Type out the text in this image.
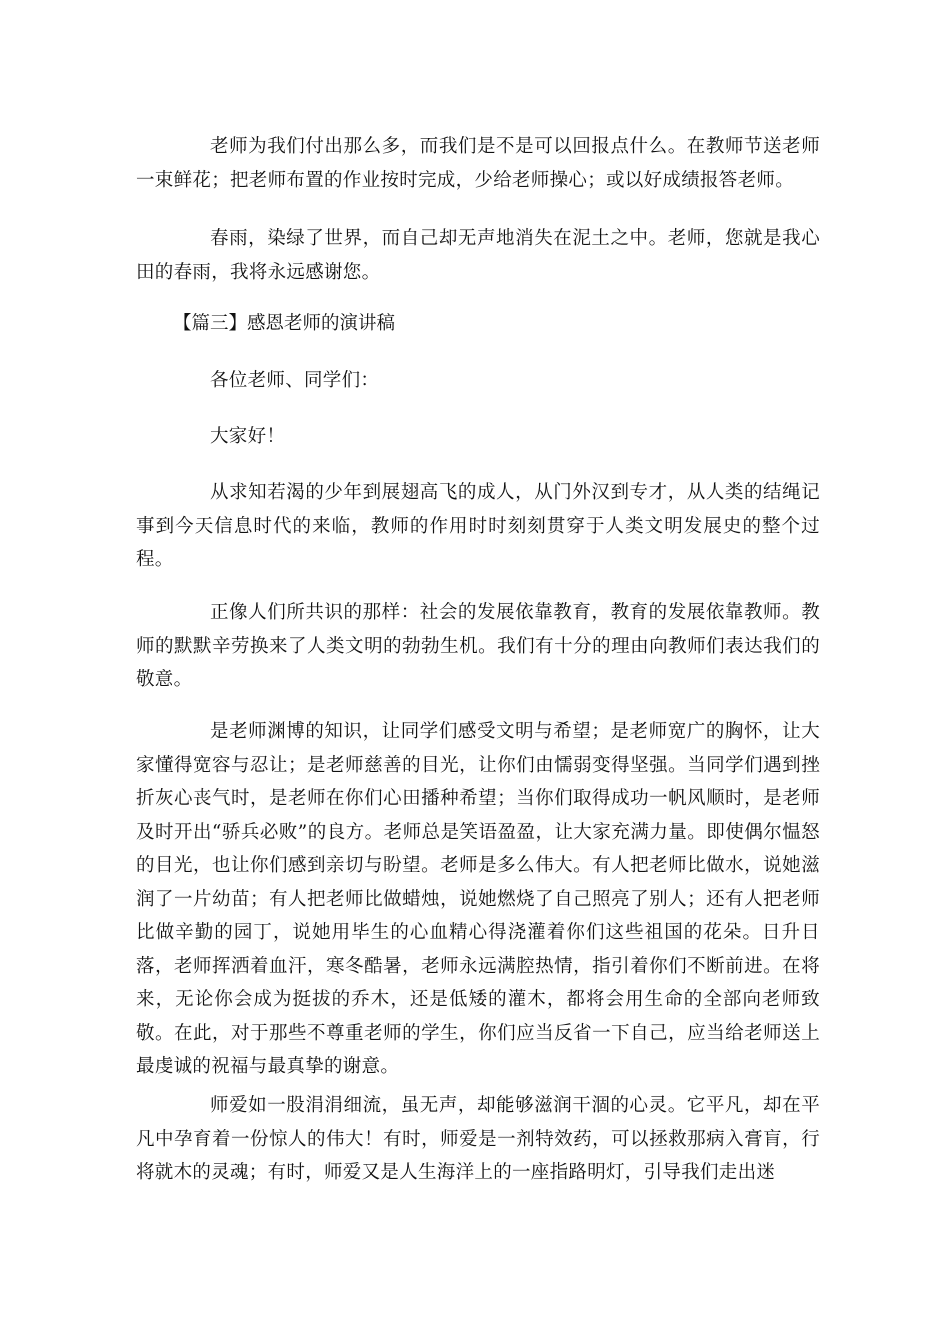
老师为我们付出那么多，而我们是不是可以回报点什么。在教师节送老师一束鲜花；把老师布置的作业按时完成，少给老师操心；或以好成绩报答老师。

春雨，染绿了世界，而自己却无声地消失在泥土之中。老师，您就是我心田的春雨，我将永远感谢您。

【篇三】感恩老师的演讲稿

各位老师、同学们：

大家好！

从求知若渴的少年到展翅高飞的成人，从门外汉到专才，从人类的结绳记事到今天信息时代的来临，教师的作用时时刻刻贯穿于人类文明发展史的整个过程。

正像人们所共识的那样：社会的发展依靠教育，教育的发展依靠教师。教师的默默辛劳换来了人类文明的勃勃生机。我们有十分的理由向教师们表达我们的敬意。

是老师渊博的知识，让同学们感受文明与希望；是老师宽广的胸怀，让大家懂得宽容与忍让；是老师慈善的目光，让你们由懦弱变得坚强。当同学们遇到挫折灰心丧气时，是老师在你们心田播种希望；当你们取得成功一帆风顺时，是老师及时开出“骄兵必败”的良方。老师总是笑语盈盈，让大家充满力量。即使偶尔愠怒的目光，也让你们感到亲切与盼望。老师是多么伟大。有人把老师比做水，说她滋润了一片幼苗；有人把老师比做蜡烛，说她燃烧了自己照亮了别人；还有人把老师比做辛勤的园丁，说她用毕生的心血精心得浇灌着你们这些祖国的花朵。日升日落，老师挥洒着血汗，寒冬酷暑，老师永远满腔热情，指引着你们不断前进。在将来，无论你会成为挺拔的乔木，还是低矮的灌木，都将会用生命的全部向老师致敬。在此，对于那些不尊重老师的学生，你们应当反省一下自己，应当给老师送上最虔诚的祝福与最真挚的谢意。

师爱如一股涓涓细流，虽无声，却能够滋润干涸的心灵。它平凡，却在平凡中孕育着一份惊人的伟大！有时，师爱是一剂特效药，可以拯救那病入膏肓，行将就木的灵魂；有时，师爱又是人生海洋上的一座指路明灯，引导我们走出迷
